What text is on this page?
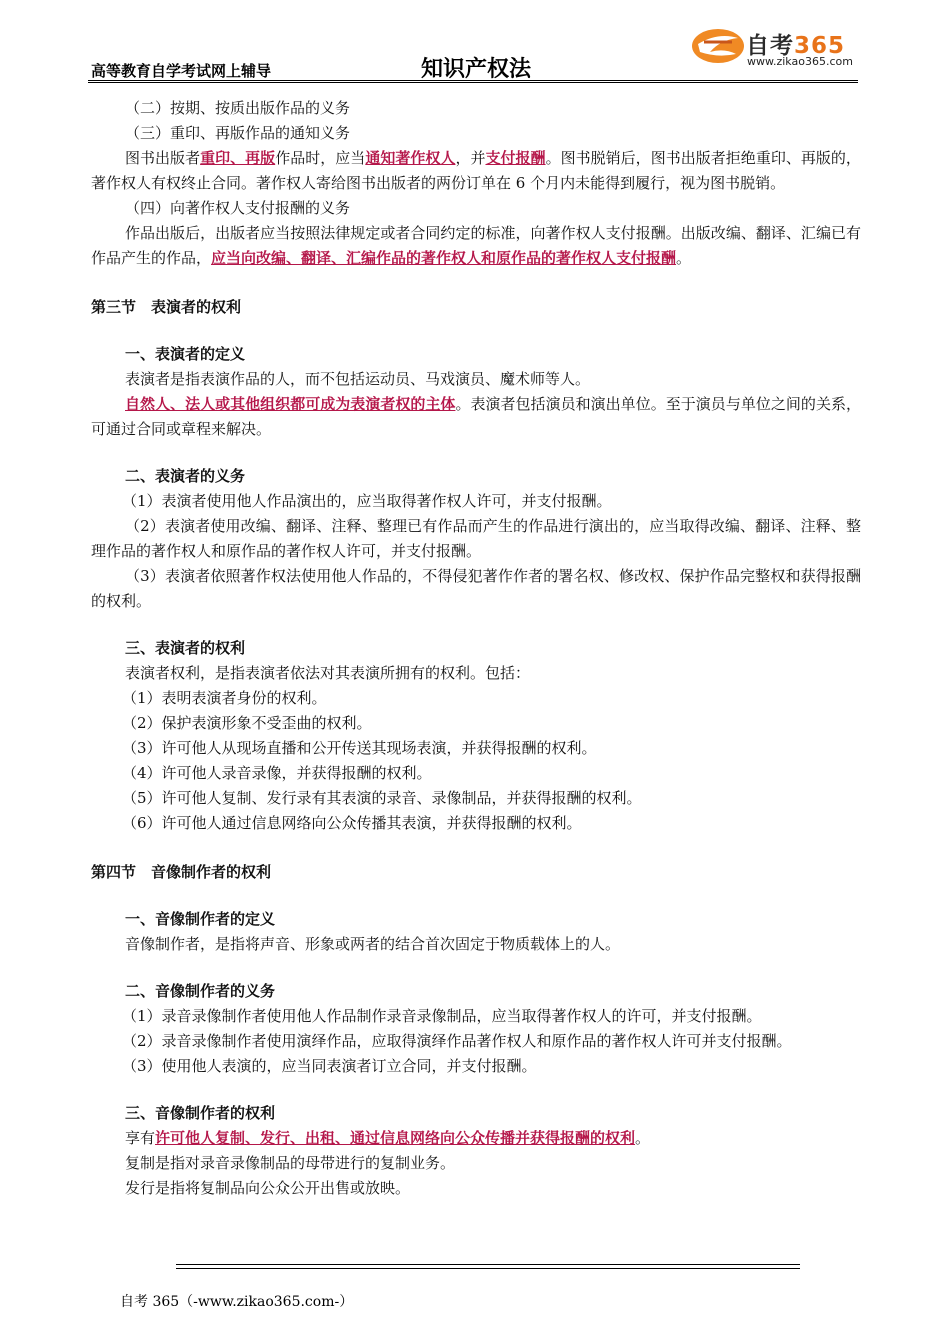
高等教育自学考试网上辅导	知识产权法
自考365
www.zikao365.com
（二）按期、按质出版作品的义务
（三）重印、再版作品的通知义务
图书出版者重印、再版作品时，应当通知著作权人，并支付报酬。图书脱销后，图书出版者拒绝重印、再版的，著作权人有权终止合同。著作权人寄给图书出版者的两份订单在 6 个月内未能得到履行，视为图书脱销。
（四）向著作权人支付报酬的义务
作品出版后，出版者应当按照法律规定或者合同约定的标准，向著作权人支付报酬。出版改编、翻译、汇编已有作品产生的作品，应当向改编、翻译、汇编作品的著作权人和原作品的著作权人支付报酬。
第三节　表演者的权利
一、表演者的定义
表演者是指表演作品的人，而不包括运动员、马戏演员、魔术师等人。
自然人、法人或其他组织都可成为表演者权的主体。表演者包括演员和演出单位。至于演员与单位之间的关系，可通过合同或章程来解决。
二、表演者的义务
（1）表演者使用他人作品演出的，应当取得著作权人许可，并支付报酬。
（2）表演者使用改编、翻译、注释、整理已有作品而产生的作品进行演出的，应当取得改编、翻译、注释、整理作品的著作权人和原作品的著作权人许可，并支付报酬。
（3）表演者依照著作权法使用他人作品的，不得侵犯著作作者的署名权、修改权、保护作品完整权和获得报酬的权利。
三、表演者的权利
表演者权利，是指表演者依法对其表演所拥有的权利。包括：
（1）表明表演者身份的权利。
（2）保护表演形象不受歪曲的权利。
（3）许可他人从现场直播和公开传送其现场表演，并获得报酬的权利。
（4）许可他人录音录像，并获得报酬的权利。
（5）许可他人复制、发行录有其表演的录音、录像制品，并获得报酬的权利。
（6）许可他人通过信息网络向公众传播其表演，并获得报酬的权利。
第四节　音像制作者的权利
一、音像制作者的定义
音像制作者，是指将声音、形象或两者的结合首次固定于物质载体上的人。
二、音像制作者的义务
（1）录音录像制作者使用他人作品制作录音录像制品，应当取得著作权人的许可，并支付报酬。
（2）录音录像制作者使用演绎作品，应取得演绎作品著作权人和原作品的著作权人许可并支付报酬。
（3）使用他人表演的，应当同表演者订立合同，并支付报酬。
三、音像制作者的权利
享有许可他人复制、发行、出租、通过信息网络向公众传播并获得报酬的权利。
复制是指对录音录像制品的母带进行的复制业务。
发行是指将复制品向公众公开出售或放映。
自考 365（-www.zikao365.com-）
